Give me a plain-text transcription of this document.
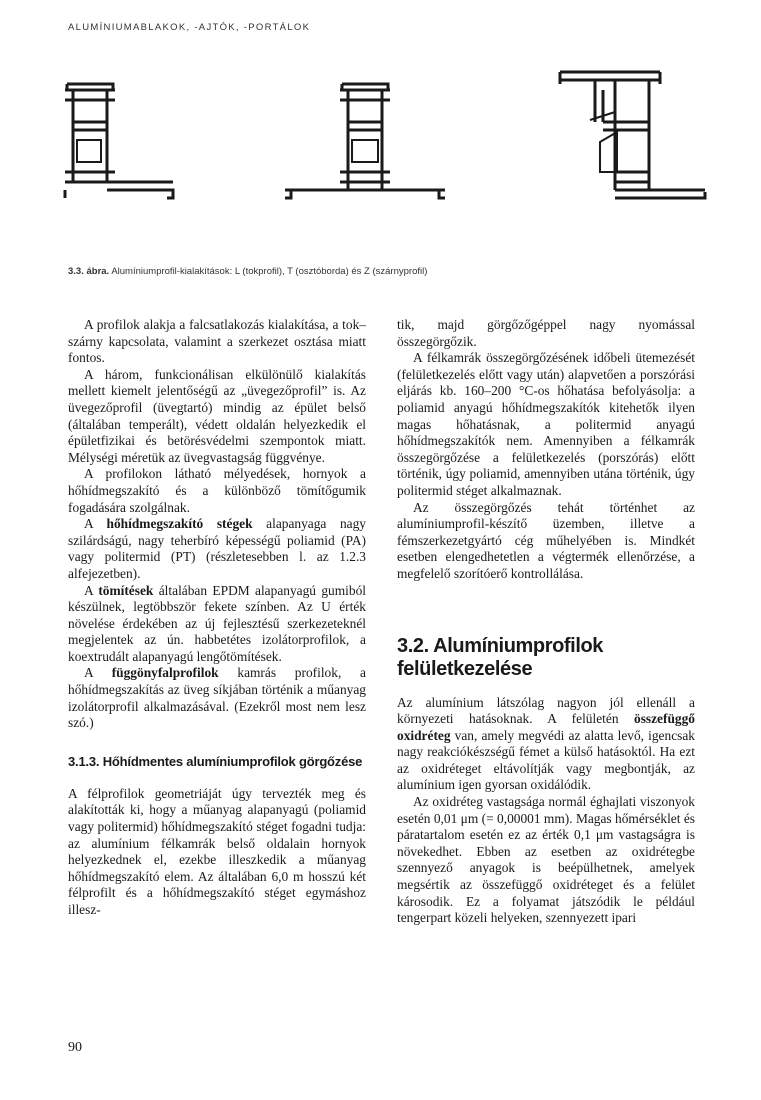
ALUMÍNIUMABLAKOK, -AJTÓK, -PORTÁLOK
3.3. ábra. Alumíniumprofil-kialakítások: L (tokprofil), T (osztóborda) és Z (szárnyprofil)

A profilok alakja a falcsatlakozás kialakítása, a tok–szárny kapcsolata, valamint a szerkezet osztása miatt fontos.

A három, funkcionálisan elkülönülő kialakítás mellett kiemelt jelentőségű az „üvegezőprofil” is. Az üvegezőprofil (üvegtartó) mindig az épület belső (általában temperált), védett oldalán helyezkedik el épületfizikai és betörésvédelmi szempontok miatt. Mélységi méretük az üvegvastagság függvénye.

A profilokon látható mélyedések, hornyok a hőhídmegszakító és a különböző tömítőgumik fogadására szolgálnak.

A hőhídmegszakító stégek alapanyaga nagy szilárdságú, nagy teherbíró képességű poliamid (PA) vagy politermid (PT) (részletesebben l. az 1.2.3 alfejezetben).

A tömítések általában EPDM alapanyagú gumiból készülnek, legtöbbször fekete színben. Az U érték növelése érdekében az új fejlesztésű szerkezeteknél megjelentek az ún. habbetétes izolátorprofilok, a koextrudált alapanyagú lengőtömítések.

A függönyfalprofilok kamrás profilok, a hőhídmegszakítás az üveg síkjában történik a műanyag izolátorprofil alkalmazásával. (Ezekről most nem lesz szó.)

3.1.3. Hőhídmentes alumíniumprofilok görgőzése

A félprofilok geometriáját úgy tervezték meg és alakították ki, hogy a műanyag alapanyagú (poliamid vagy politermid) hőhídmegszakító stéget fogadni tudja: az alumínium félkamrák belső oldalain hornyok helyezkednek el, ezekbe illeszkedik a műanyag hőhídmegszakító elem. Az általában 6,0 m hosszú két félprofilt és a hőhídmegszakító stéget egymáshoz illesz-

tik, majd görgőzőgéppel nagy nyomással összegörgőzik.

A félkamrák összegörgőzésének időbeli ütemezését (felületkezelés előtt vagy után) alapvetően a porszórási eljárás kb. 160–200 °C-os hőhatása befolyásolja: a poliamid anyagú hőhídmegszakítók kitehetők ilyen magas hőhatásnak, a politermid anyagú hőhídmegszakítók nem. Amennyiben a félkamrák összegörgőzése a felületkezelés (porszórás) előtt történik, úgy poliamid, amennyiben utána történik, úgy politermid stéget alkalmaznak.

Az összegörgőzés tehát történhet az alumíniumprofil-készítő üzemben, illetve a fémszerkezetgyártó cég műhelyében is. Mindkét esetben elengedhetetlen a végtermék ellenőrzése, a megfelelő szorítóerő kontrollálása.

3.2. Alumíniumprofilok felületkezelése

Az alumínium látszólag nagyon jól ellenáll a környezeti hatásoknak. A felületén összefüggő oxidréteg van, amely megvédi az alatta levő, igencsak nagy reakciókészségű fémet a külső hatásoktól. Ha ezt az oxidréteget eltávolítják vagy megbontják, az alumínium igen gyorsan oxidálódik.

Az oxidréteg vastagsága normál éghajlati viszonyok esetén 0,01 μm (= 0,00001 mm). Magas hőmérséklet és páratartalom esetén ez az érték 0,1 μm vastagságra is növekedhet. Ebben az esetben az oxidrétegbe szennyező anyagok is beépülhetnek, amelyek megsértik az összefüggő oxidréteget és a felület károsodik. Ez a folyamat játszódik le például tengerpart közeli helyeken, szennyezett ipari

90
